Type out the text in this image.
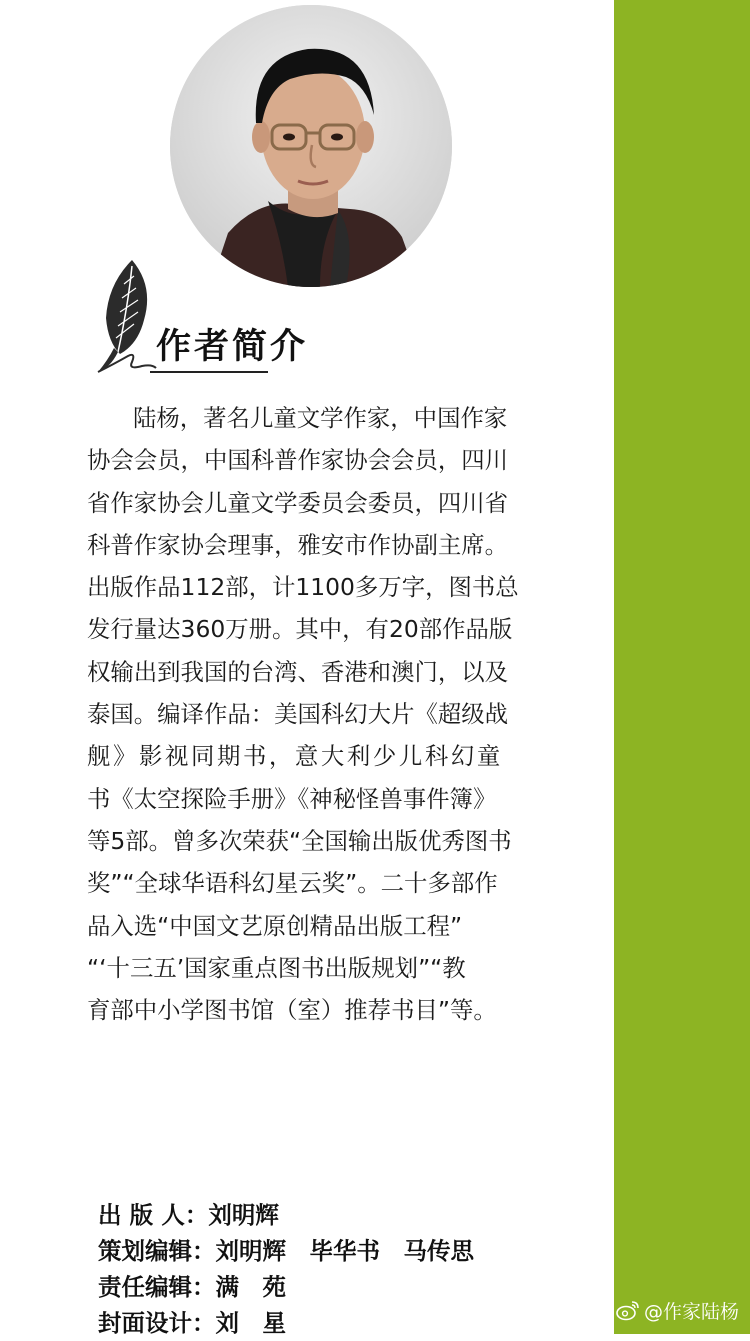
作者简介
陆杨，著名儿童文学作家，中国作家
协会会员，中国科普作家协会会员，四川
省作家协会儿童文学委员会委员，四川省
科普作家协会理事，雅安市作协副主席。
出版作品112部，计1100多万字，图书总
发行量达360万册。其中，有20部作品版
权输出到我国的台湾、香港和澳门，以及
泰国。编译作品：美国科幻大片《超级战
舰》影视同期书，意大利少儿科幻童
书《太空探险手册》《神秘怪兽事件簿》
等5部。曾多次荣获“全国输出版优秀图书
奖”“全球华语科幻星云奖”。二十多部作
品入选“中国文艺原创精品出版工程”
“‘十三五’国家重点图书出版规划”“教
育部中小学图书馆（室）推荐书目”等。
出 版 人：刘明辉
策划编辑：刘明辉　毕华书　马传思
责任编辑：满　苑
封面设计：刘　星	@作家陆杨
